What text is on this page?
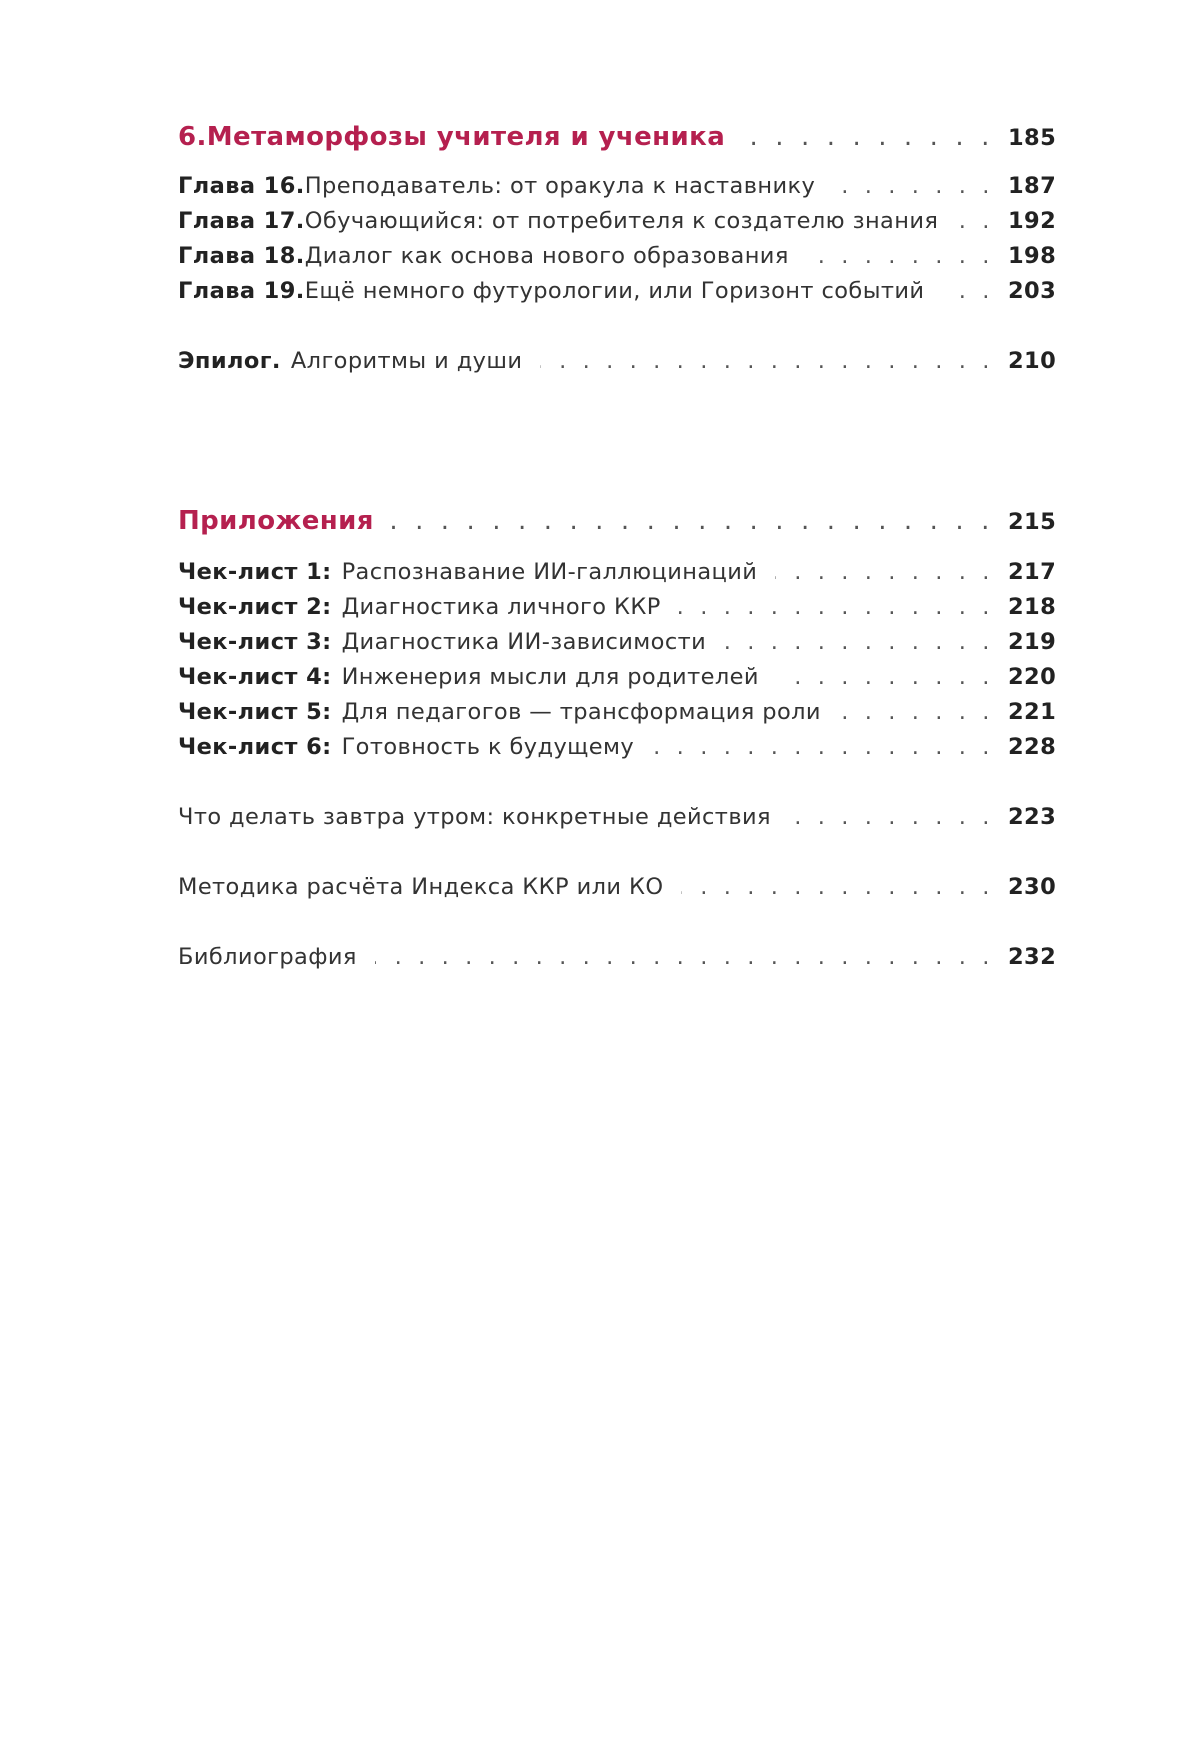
6. Метаморфозы учителя и ученика . . .	185
Глава 16. Преподаватель: от оракула к наставнику . . .	187
Глава 17. Обучающийся: от потребителя к создателю знания . . .	192
Глава 18. Диалог как основа нового образования . . .	198
Глава 19. Ещё немного футурологии, или Горизонт событий . . .	203
Эпилог. Алгоритмы и души . . .	210
Приложения . . .	215
Чек-лист 1: Распознавание ИИ-галлюцинаций . . .	217
Чек-лист 2: Диагностика личного ККР . . .	218
Чек-лист 3: Диагностика ИИ-зависимости . . .	219
Чек-лист 4: Инженерия мысли для родителей . . .	220
Чек-лист 5: Для педагогов — трансформация роли . . .	221
Чек-лист 6: Готовность к будущему . . .	228
Что делать завтра утром: конкретные действия . . .	223
Методика расчёта Индекса ККР или КО . . .	230
Библиография . . .	232
